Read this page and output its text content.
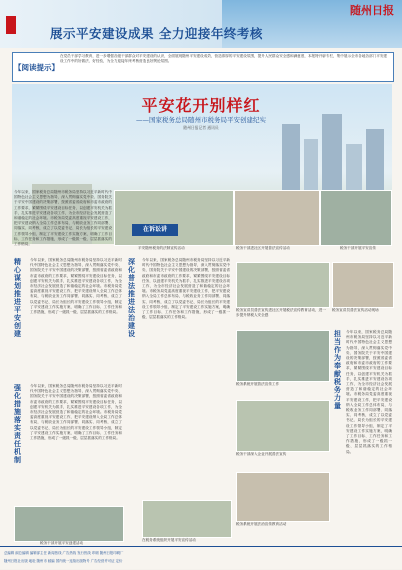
随州日报
展示平安建设成果 全力迎接年终考核
【阅读提示】
在党员干部学习教育，进一步增强各级干部群众对平安建设的认识，全面展现随州平安建设成效，营造浓厚的平安建设氛围，提升人民群众安全感和满意度，本报特开辟专栏，集中展示全市各地各部门平安建设工作中的好做法、好经验，为全力迎接年终考核营造良好舆论氛围。
平安花开别样红
——国家税务总局随州市税务局平安创建纪实
随州日报记者 通讯员
今年以来，国家税务总局随州市税务局坚持以习近平新时代中国特色社会主义思想为指导，深入贯彻落实党中央、国务院关于平安中国建设的决策部署，按照省委省政府和市委市政府的工作要求，紧紧围绕平安建设目标任务，以创建平安机关为抓手，扎实推进平安建设各项工作，为全市经济社会发展营造了和谐稳定的社会环境。市税务局党委高度重视平安建设工作，把平安建设纳入全局工作总体布局，与税收业务工作同部署、同落实、同考核，成立了以党委书记、局长为组长的平安建设工作领导小组，制定了平安建设工作实施方案，明确了工作目标、工作任务和工作措施，形成了一级抓一级、层层抓落实的工作格局。
在诉讼讲
平安随州税务的法制宣传活动	税务干部进社区开展普法宣传活动	税务干部开展平安宣传
精心谋划 推进平安创建
今年以来，国家税务总局随州市税务局坚持以习近平新时代中国特色社会主义思想为指导，深入贯彻落实党中央、国务院关于平安中国建设的决策部署，按照省委省政府和市委市政府的工作要求，紧紧围绕平安建设目标任务，以创建平安机关为抓手，扎实推进平安建设各项工作，为全市经济社会发展营造了和谐稳定的社会环境。市税务局党委高度重视平安建设工作，把平安建设纳入全局工作总体布局，与税收业务工作同部署、同落实、同考核，成立了以党委书记、局长为组长的平安建设工作领导小组，制定了平安建设工作实施方案，明确了工作目标、工作任务和工作措施，形成了一级抓一级、层层抓落实的工作格局。
深化普法 推进法治建设
今年以来，国家税务总局随州市税务局坚持以习近平新时代中国特色社会主义思想为指导，深入贯彻落实党中央、国务院关于平安中国建设的决策部署，按照省委省政府和市委市政府的工作要求，紧紧围绕平安建设目标任务，以创建平安机关为抓手，扎实推进平安建设各项工作，为全市经济社会发展营造了和谐稳定的社会环境。市税务局党委高度重视平安建设工作，把平安建设纳入全局工作总体布局，与税收业务工作同部署、同落实、同考核，成立了以党委书记、局长为组长的平安建设工作领导小组，制定了平安建设工作实施方案，明确了工作目标、工作任务和工作措施，形成了一级抓一级、层层抓落实的工作格局。
税务宣讲员普法宣传进社区开展税法宣传教育活动，进一步提升纳税人安全感
税务宣讲员普法宣传活动现场
税务系统开展普法宣传工作
担当作为 奉献税务力量
今年以来，国家税务总局随州市税务局坚持以习近平新时代中国特色社会主义思想为指导，深入贯彻落实党中央、国务院关于平安中国建设的决策部署，按照省委省政府和市委市政府的工作要求，紧紧围绕平安建设目标任务，以创建平安机关为抓手，扎实推进平安建设各项工作，为全市经济社会发展营造了和谐稳定的社会环境。市税务局党委高度重视平安建设工作，把平安建设纳入全局工作总体布局，与税收业务工作同部署、同落实、同考核，成立了以党委书记、局长为组长的平安建设工作领导小组，制定了平安建设工作实施方案，明确了工作目标、工作任务和工作措施，形成了一级抓一级、层层抓落实的工作格局。
税务干部深入企业开展普法宣传
税务系统开展法治宣传教育活动
强化措施 落实责任机制
今年以来，国家税务总局随州市税务局坚持以习近平新时代中国特色社会主义思想为指导，深入贯彻落实党中央、国务院关于平安中国建设的决策部署，按照省委省政府和市委市政府的工作要求，紧紧围绕平安建设目标任务，以创建平安机关为抓手，扎实推进平安建设各项工作，为全市经济社会发展营造了和谐稳定的社会环境。市税务局党委高度重视平安建设工作，把平安建设纳入全局工作总体布局，与税收业务工作同部署、同落实、同考核，成立了以党委书记、局长为组长的平安建设工作领导小组，制定了平安建设工作实施方案，明确了工作目标、工作任务和工作措施，形成了一级抓一级、层层抓落实的工作格局。
税务干部开展平安创建活动
在税务系统组织开展平安宣传活动
总编辑 副总编辑 编辑部主任 新闻热线 广告热线 发行热线 印刷 随州日报印刷厂
随州日报社出版 地址 随州市 邮编 国内统一连续出版物号 广告经营许可证 定价
